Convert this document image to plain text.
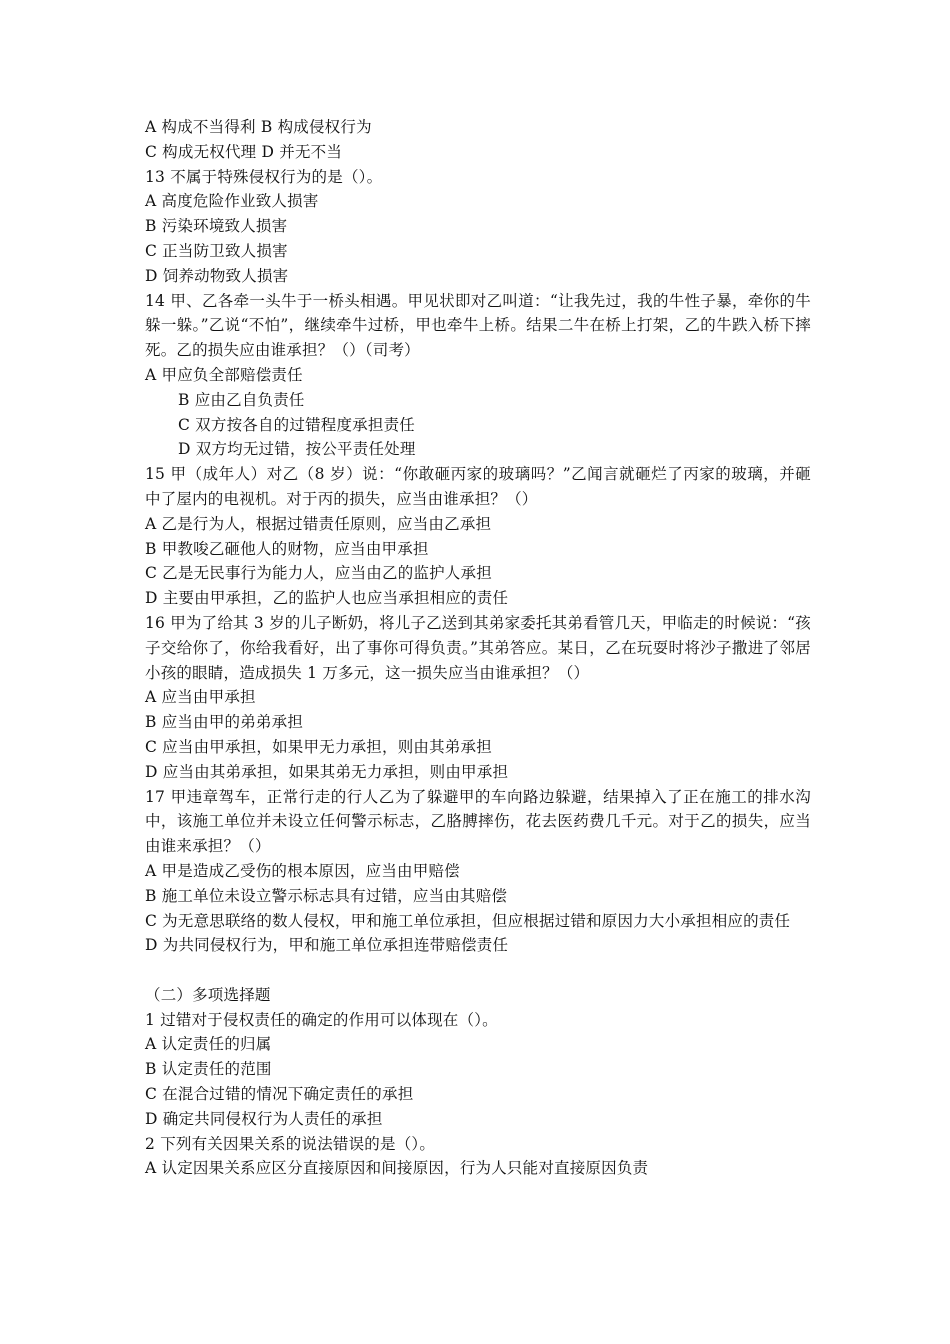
A 构成不当得利 B 构成侵权行为

C 构成无权代理 D 并无不当

13 不属于特殊侵权行为的是（）。

A 高度危险作业致人损害

B 污染环境致人损害

C 正当防卫致人损害

D 饲养动物致人损害

14 甲、乙各牵一头牛于一桥头相遇。甲见状即对乙叫道：“让我先过，我的牛性子暴，牵你的牛躲一躲。”乙说“不怕”，继续牵牛过桥，甲也牵牛上桥。结果二牛在桥上打架，乙的牛跌入桥下摔死。乙的损失应由谁承担？（）（司考）

A 甲应负全部赔偿责任

B 应由乙自负责任

C 双方按各自的过错程度承担责任

D 双方均无过错，按公平责任处理

15 甲（成年人）对乙（8 岁）说：“你敢砸丙家的玻璃吗？”乙闻言就砸烂了丙家的玻璃，并砸中了屋内的电视机。对于丙的损失，应当由谁承担？（）

A 乙是行为人，根据过错责任原则，应当由乙承担

B 甲教唆乙砸他人的财物，应当由甲承担

C 乙是无民事行为能力人，应当由乙的监护人承担

D 主要由甲承担，乙的监护人也应当承担相应的责任

16 甲为了给其 3 岁的儿子断奶，将儿子乙送到其弟家委托其弟看管几天，甲临走的时候说：“孩子交给你了，你给我看好，出了事你可得负责。”其弟答应。某日，乙在玩耍时将沙子撒进了邻居小孩的眼睛，造成损失 1 万多元，这一损失应当由谁承担？（）

A 应当由甲承担

B 应当由甲的弟弟承担

C 应当由甲承担，如果甲无力承担，则由其弟承担

D 应当由其弟承担，如果其弟无力承担，则由甲承担

17 甲违章驾车，正常行走的行人乙为了躲避甲的车向路边躲避，结果掉入了正在施工的排水沟中，该施工单位并未设立任何警示标志，乙胳膊摔伤，花去医药费几千元。对于乙的损失，应当由谁来承担？（）

A 甲是造成乙受伤的根本原因，应当由甲赔偿

B 施工单位未设立警示标志具有过错，应当由其赔偿

C 为无意思联络的数人侵权，甲和施工单位承担，但应根据过错和原因力大小承担相应的责任

D 为共同侵权行为，甲和施工单位承担连带赔偿责任

（二）多项选择题

1 过错对于侵权责任的确定的作用可以体现在（）。

A 认定责任的归属

B 认定责任的范围

C 在混合过错的情况下确定责任的承担

D 确定共同侵权行为人责任的承担

2 下列有关因果关系的说法错误的是（）。

A 认定因果关系应区分直接原因和间接原因，行为人只能对直接原因负责
